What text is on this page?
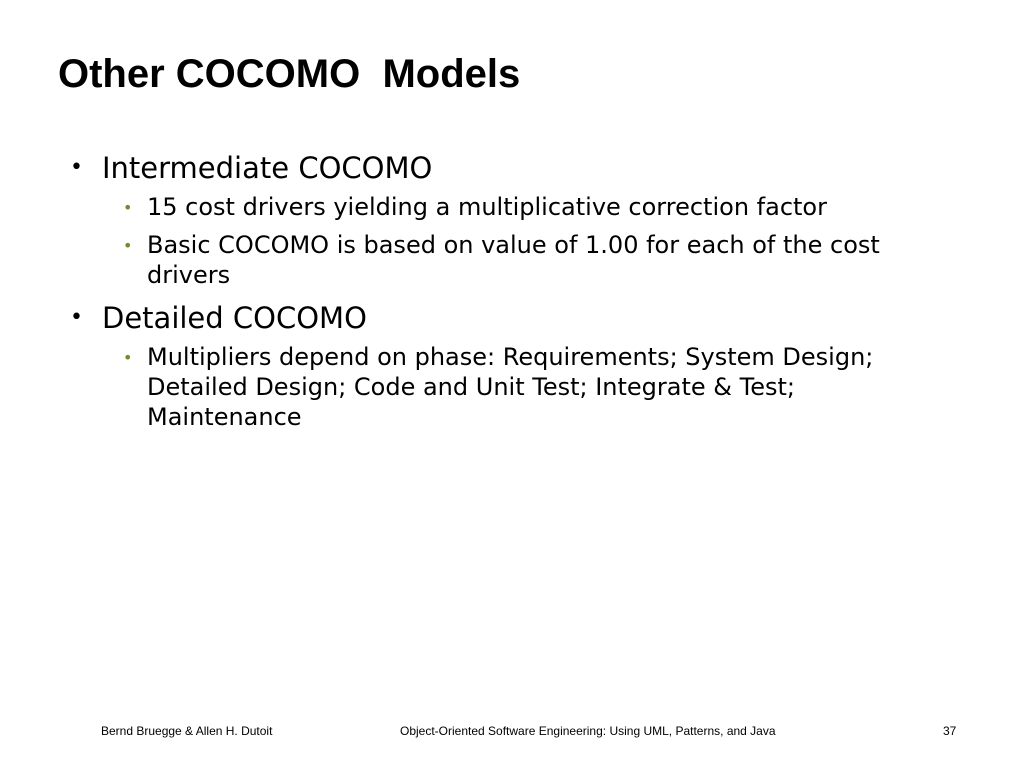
Other COCOMO  Models
• Intermediate COCOMO
• 15 cost drivers yielding a multiplicative correction factor
• Basic COCOMO is based on value of 1.00 for each of the cost drivers
• Detailed COCOMO
• Multipliers depend on phase: Requirements; System Design; Detailed Design; Code and Unit Test; Integrate & Test; Maintenance
Bernd Bruegge & Allen H. Dutoit	Object-Oriented Software Engineering: Using UML, Patterns, and Java	37
